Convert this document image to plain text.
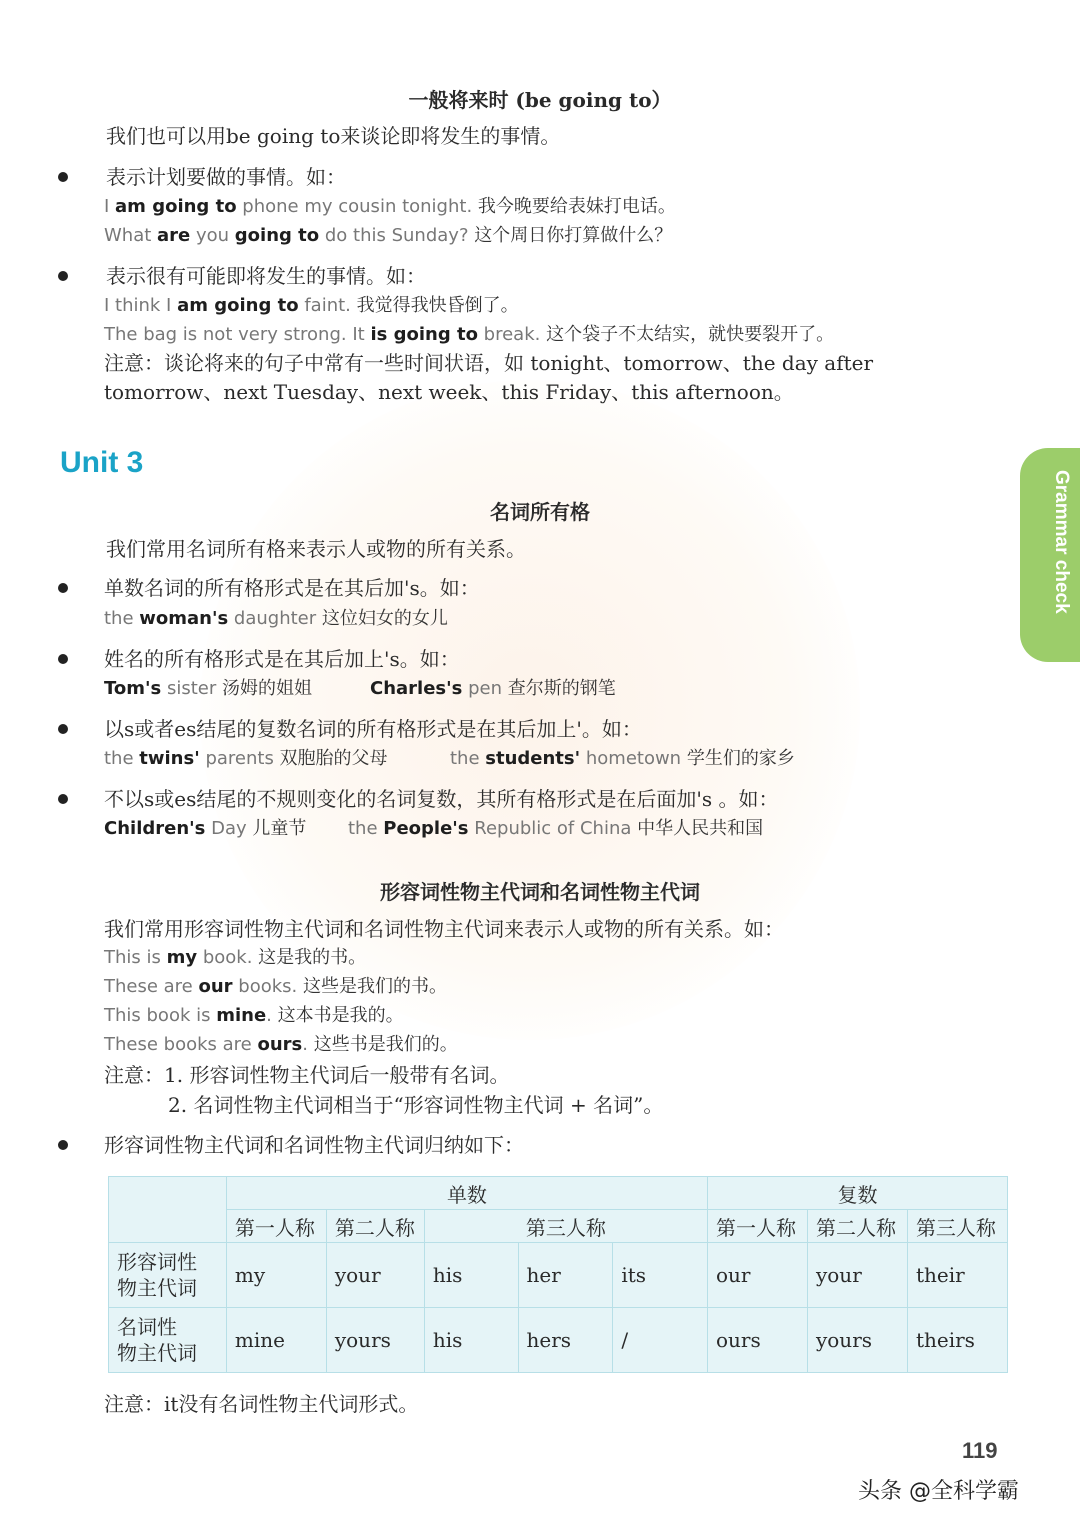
一般将来时 (be going to）
我们也可以用be going to来谈论即将发生的事情。
表示计划要做的事情。如：
I am going to phone my cousin tonight. 我今晚要给表妹打电话。
What are you going to do this Sunday? 这个周日你打算做什么？
表示很有可能即将发生的事情。如：
I think I am going to faint. 我觉得我快昏倒了。
The bag is not very strong. It is going to break. 这个袋子不太结实，就快要裂开了。
注意：谈论将来的句子中常有一些时间状语，如 tonight、tomorrow、the day after
tomorrow、next Tuesday、next week、this Friday、this afternoon。
Unit 3
Grammar check
名词所有格
我们常用名词所有格来表示人或物的所有关系。
单数名词的所有格形式是在其后加's。如：
the woman's daughter 这位妇女的女儿
姓名的所有格形式是在其后加上's。如：
Tom's sister 汤姆的姐姐	Charles's pen 查尔斯的钢笔
以s或者es结尾的复数名词的所有格形式是在其后加上'。如：
the twins' parents 双胞胎的父母	the students' hometown 学生们的家乡
不以s或es结尾的不规则变化的名词复数，其所有格形式是在后面加's 。如：
Children's Day 儿童节 the People's Republic of China 中华人民共和国
形容词性物主代词和名词性物主代词
我们常用形容词性物主代词和名词性物主代词来表示人或物的所有关系。如：
This is my book. 这是我的书。
These are our books. 这些是我们的书。
This book is mine. 这本书是我的。
These books are ours. 这些书是我们的。
注意：1. 形容词性物主代词后一般带有名词。
2. 名词性物主代词相当于“形容词性物主代词 + 名词”。
形容词性物主代词和名词性物主代词归纳如下：
	单数					复数		
	第一人称	第二人称	第三人称			第一人称	第二人称	第三人称
形容词性
物主代词	my	your	his	her	its	our	your	their
名词性
物主代词	mine	yours	his	hers	/	ours	yours	theirs
注意：it没有名词性物主代词形式。
119
头条 @全科学霸
